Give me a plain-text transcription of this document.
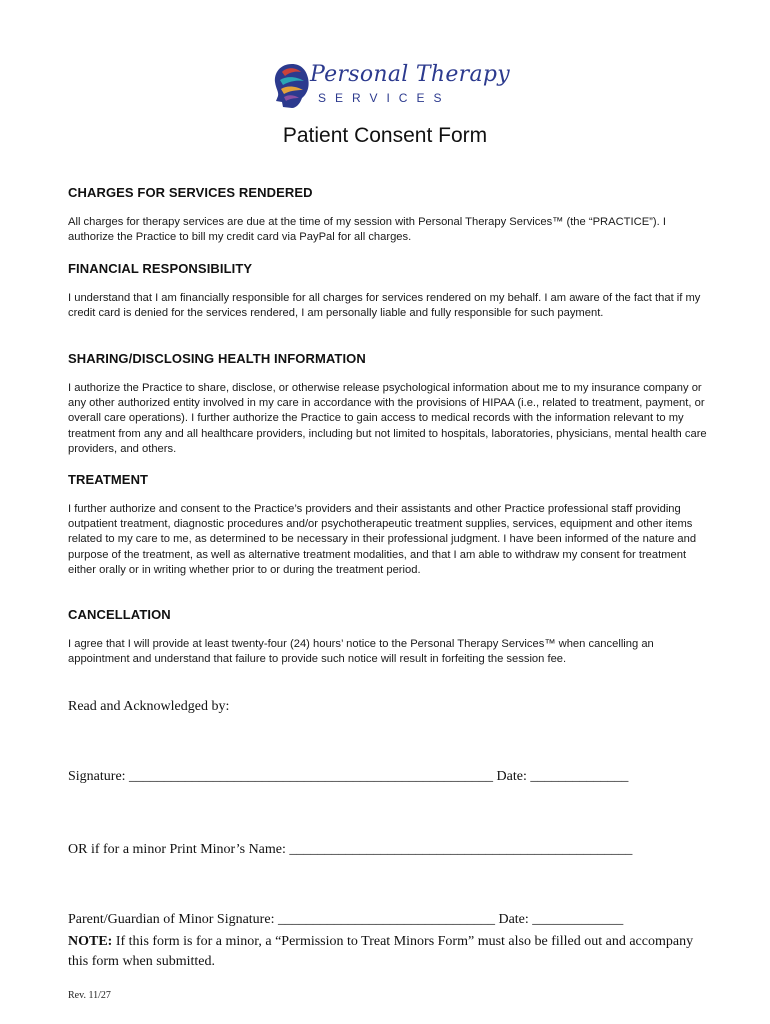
Personal Therapy
SERVICES
Patient Consent Form
CHARGES FOR SERVICES RENDERED

All charges for therapy services are due at the time of my session with Personal Therapy Services™ (the “PRACTICE”). I authorize the Practice to bill my credit card via PayPal for all charges.

FINANCIAL RESPONSIBILITY

I understand that I am financially responsible for all charges for services rendered on my behalf. I am aware of the fact that if my credit card is denied for the services rendered, I am personally liable and fully responsible for such payment.

SHARING/DISCLOSING HEALTH INFORMATION

I authorize the Practice to share, disclose, or otherwise release psychological information about me to my insurance company or any other authorized entity involved in my care in accordance with the provisions of HIPAA (i.e., related to treatment, payment, or overall care operations). I further authorize the Practice to gain access to medical records with the information relevant to my treatment from any and all healthcare providers, including but not limited to hospitals, laboratories, physicians, mental health care providers, and others.

TREATMENT

I further authorize and consent to the Practice’s providers and their assistants and other Practice professional staff providing outpatient treatment, diagnostic procedures and/or psychotherapeutic treatment supplies, services, equipment and other items related to my care to me, as determined to be necessary in their professional judgment. I have been informed of the nature and purpose of the treatment, as well as alternative treatment modalities, and that I am able to withdraw my consent for treatment either orally or in writing whether prior to or during the treatment period.

CANCELLATION

I agree that I will provide at least twenty-four (24) hours’ notice to the Personal Therapy Services™ when cancelling an appointment and understand that failure to provide such notice will result in forfeiting the session fee.

Read and Acknowledged by:

Signature: ____________________________________________________ Date: ______________

OR if for a minor Print Minor’s Name: _________________________________________________

Parent/Guardian of Minor Signature: _______________________________ Date: _____________

NOTE: If this form is for a minor, a “Permission to Treat Minors Form” must also be filled out and accompany this form when submitted.

Rev. 11/27
